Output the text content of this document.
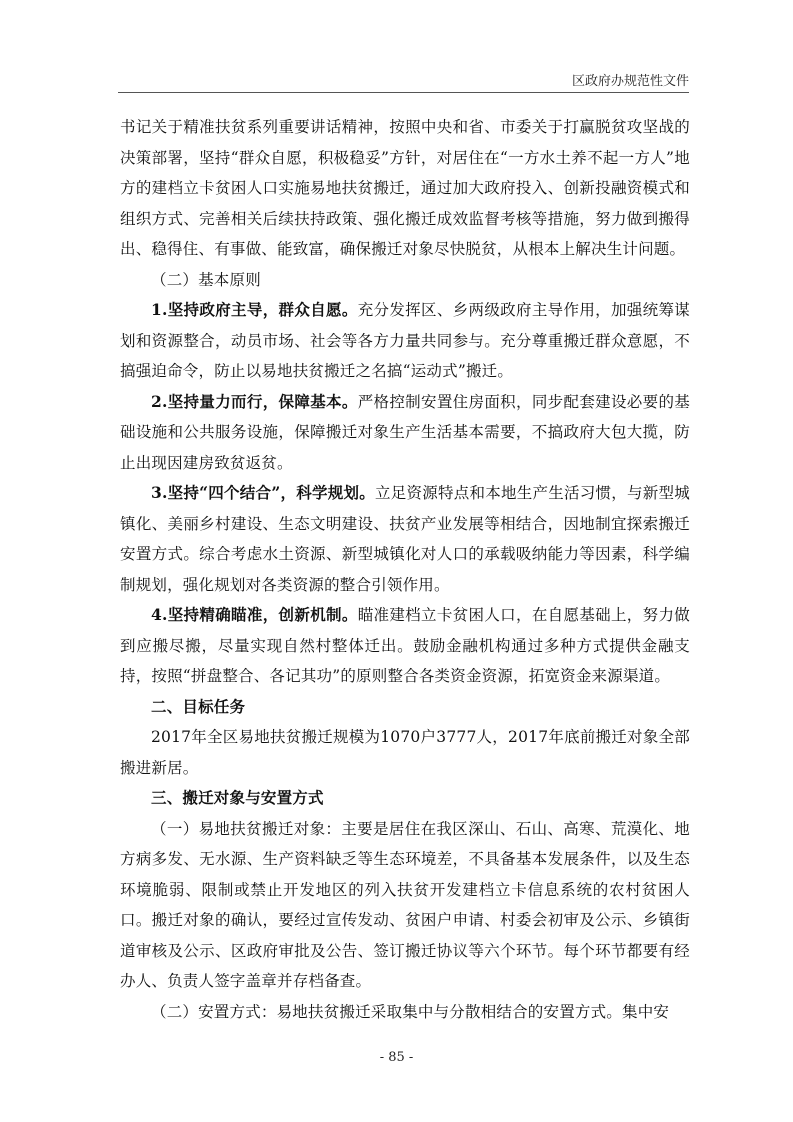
区政府办规范性文件

书记关于精准扶贫系列重要讲话精神，按照中央和省、市委关于打赢脱贫攻坚战的决策部署，坚持“群众自愿，积极稳妥”方针，对居住在“一方水土养不起一方人”地方的建档立卡贫困人口实施易地扶贫搬迁，通过加大政府投入、创新投融资模式和组织方式、完善相关后续扶持政策、强化搬迁成效监督考核等措施，努力做到搬得出、稳得住、有事做、能致富，确保搬迁对象尽快脱贫，从根本上解决生计问题。

（二）基本原则

1.坚持政府主导，群众自愿。充分发挥区、乡两级政府主导作用，加强统筹谋划和资源整合，动员市场、社会等各方力量共同参与。充分尊重搬迁群众意愿，不搞强迫命令，防止以易地扶贫搬迁之名搞“运动式”搬迁。

2.坚持量力而行，保障基本。严格控制安置住房面积，同步配套建设必要的基础设施和公共服务设施，保障搬迁对象生产生活基本需要，不搞政府大包大揽，防止出现因建房致贫返贫。

3.坚持“四个结合”，科学规划。立足资源特点和本地生产生活习惯，与新型城镇化、美丽乡村建设、生态文明建设、扶贫产业发展等相结合，因地制宜探索搬迁安置方式。综合考虑水土资源、新型城镇化对人口的承载吸纳能力等因素，科学编制规划，强化规划对各类资源的整合引领作用。

4.坚持精确瞄准，创新机制。瞄准建档立卡贫困人口，在自愿基础上，努力做到应搬尽搬，尽量实现自然村整体迁出。鼓励金融机构通过多种方式提供金融支持，按照“拼盘整合、各记其功”的原则整合各类资金资源，拓宽资金来源渠道。

二、目标任务

2017年全区易地扶贫搬迁规模为1070户3777人，2017年底前搬迁对象全部搬进新居。

三、搬迁对象与安置方式

（一）易地扶贫搬迁对象：主要是居住在我区深山、石山、高寒、荒漠化、地方病多发、无水源、生产资料缺乏等生态环境差，不具备基本发展条件，以及生态环境脆弱、限制或禁止开发地区的列入扶贫开发建档立卡信息系统的农村贫困人口。搬迁对象的确认，要经过宣传发动、贫困户申请、村委会初审及公示、乡镇街道审核及公示、区政府审批及公告、签订搬迁协议等六个环节。每个环节都要有经办人、负责人签字盖章并存档备查。

（二）安置方式：易地扶贫搬迁采取集中与分散相结合的安置方式。集中安

- 85 -
